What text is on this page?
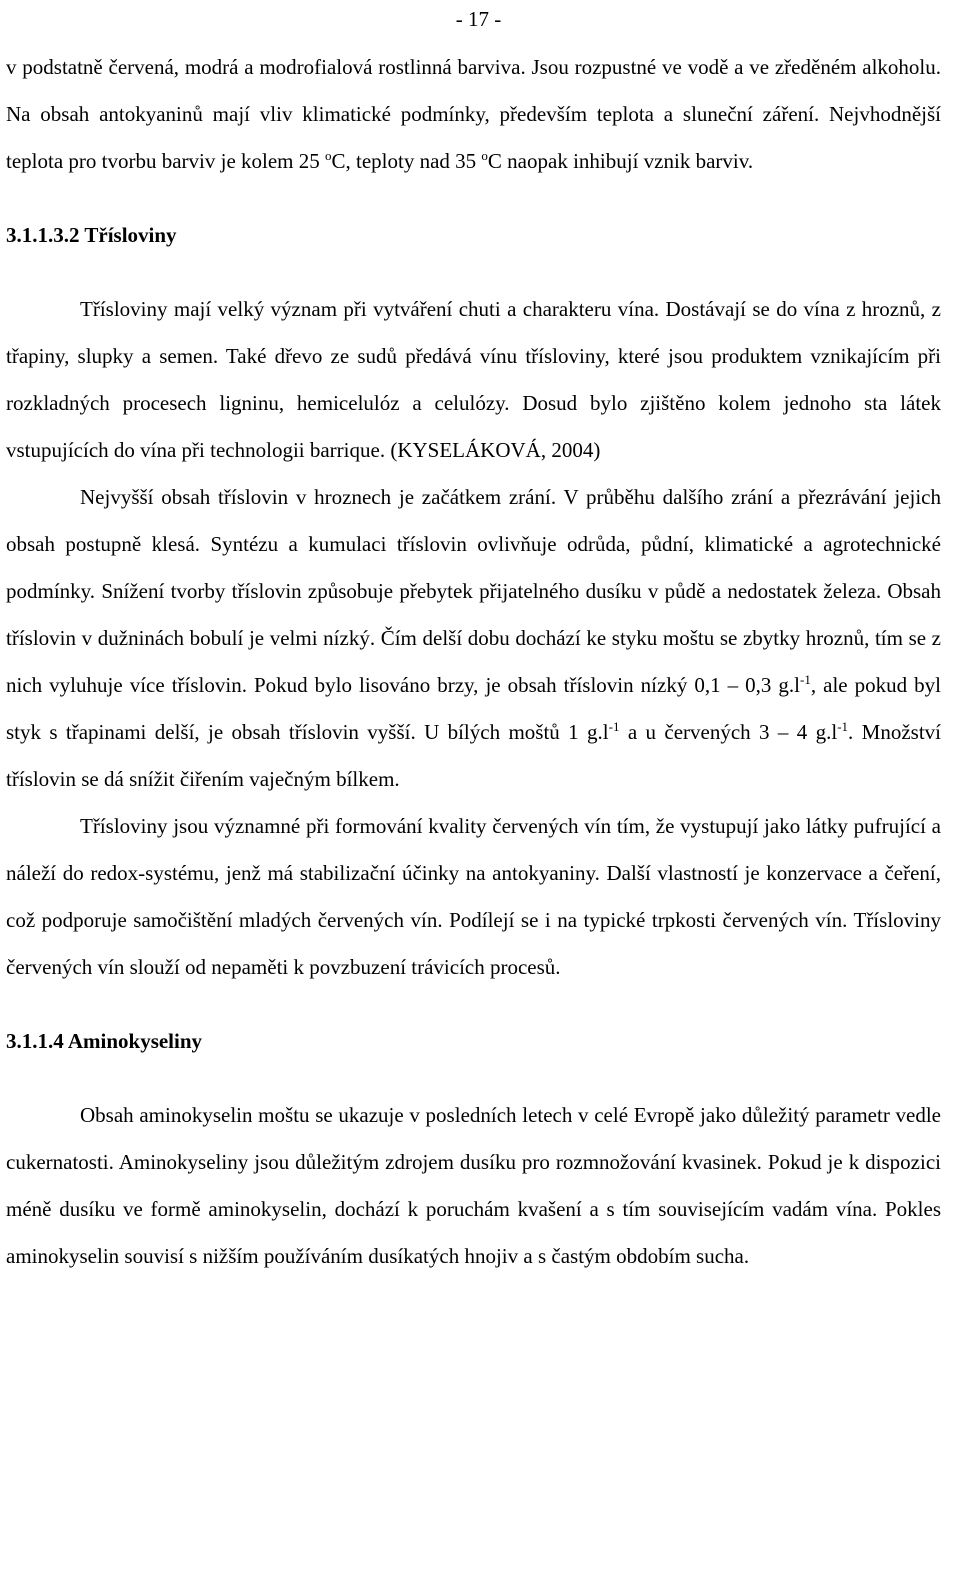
- 17 -

v podstatně červená, modrá a modrofialová rostlinná barviva. Jsou rozpustné ve vodě a ve zředěném alkoholu. Na obsah antokyaninů mají vliv klimatické podmínky, především teplota a sluneční záření. Nejvhodnější teplota pro tvorbu barviv je kolem 25 $^o$C, teploty nad 35 $^o$C naopak inhibují vznik barviv.

3.1.1.3.2 Třísloviny

Třísloviny mají velký význam při vytváření chuti a charakteru vína. Dostávají se do vína z hroznů, z třapiny, slupky a semen. Také dřevo ze sudů předává vínu třísloviny, které jsou produktem vznikajícím při rozkladných procesech ligninu, hemicelulóz a celulózy. Dosud bylo zjištěno kolem jednoho sta látek vstupujících do vína při technologii barrique. (KYSELÁKOVÁ, 2004)

Nejvyšší obsah tříslovin v hroznech je začátkem zrání. V průběhu dalšího zrání a přezrávání jejich obsah postupně klesá. Syntézu a kumulaci tříslovin ovlivňuje odrůda, půdní, klimatické a agrotechnické podmínky. Snížení tvorby tříslovin způsobuje přebytek přijatelného dusíku v půdě a nedostatek železa. Obsah tříslovin v dužninách bobulí je velmi nízký. Čím delší dobu dochází ke styku moštu se zbytky hroznů, tím se z nich vyluhuje více tříslovin. Pokud bylo lisováno brzy, je obsah tříslovin nízký 0,1 – 0,3 $g.l^{-1}$, ale pokud byl styk s třapinami delší, je obsah tříslovin vyšší. U bílých moštů 1 $g.l^{-1}$ a u červených 3 – 4 $g.l^{-1}$. Množství tříslovin se dá snížit čiřením vaječným bílkem.

Třísloviny jsou významné při formování kvality červených vín tím, že vystupují jako látky pufrující a náleží do redox-systému, jenž má stabilizační účinky na antokyaniny. Další vlastností je konzervace a čeření, což podporuje samočištění mladých červených vín. Podílejí se i na typické trpkosti červených vín. Třísloviny červených vín slouží od nepaměti k povzbuzení trávicích procesů.

3.1.1.4 Aminokyseliny

Obsah aminokyselin moštu se ukazuje v posledních letech v celé Evropě jako důležitý parametr vedle cukernatosti. Aminokyseliny jsou důležitým zdrojem dusíku pro rozmnožování kvasinek. Pokud je k dispozici méně dusíku ve formě aminokyselin, dochází k poruchám kvašení a s tím souvisejícím vadám vína. Pokles aminokyselin souvisí s nižším používáním dusíkatých hnojiv a s častým obdobím sucha.
